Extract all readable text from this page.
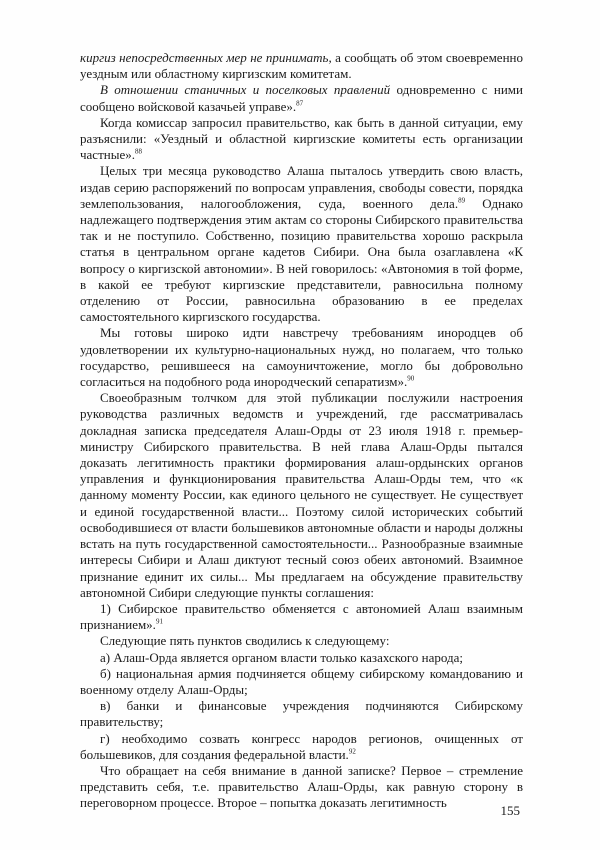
киргиз непосредственных мер не принимать, а сообщать об этом своевременно уездным или областному киргизским комитетам.

В отношении станичных и поселковых правлений одновременно с ними сообщено войсковой казачьей управе».$^{87}$

Когда комиссар запросил правительство, как быть в данной ситуации, ему разъяснили: «Уездный и областной киргизские комитеты есть организации частные».$^{88}$

Целых три месяца руководство Алаша пыталось утвердить свою власть, издав серию распоряжений по вопросам управления, свободы совести, порядка землепользования, налогообложения, суда, военного дела.$^{89}$ Однако надлежащего подтверждения этим актам со стороны Сибирского правительства так и не поступило. Собственно, позицию правительства хорошо раскрыла статья в центральном органе кадетов Сибири. Она была озаглавлена «К вопросу о киргизской автономии». В ней говорилось: «Автономия в той форме, в какой ее требуют киргизские представители, равносильна полному отделению от России, равносильна образованию в ее пределах самостоятельного киргизского государства.

Мы готовы широко идти навстречу требованиям инородцев об удовлетворении их культурно-национальных нужд, но полагаем, что только государство, решившееся на самоуничтожение, могло бы добровольно согласиться на подобного рода инородческий сепаратизм».$^{90}$

Своеобразным толчком для этой публикации послужили настроения руководства различных ведомств и учреждений, где рассматривалась докладная записка председателя Алаш-Орды от 23 июля 1918 г. премьер-министру Сибирского правительства. В ней глава Алаш-Орды пытался доказать легитимность практики формирования алаш-ордынских органов управления и функционирования правительства Алаш-Орды тем, что «к данному моменту России, как единого цельного не существует. Не существует и единой государственной власти... Поэтому силой исторических событий освободившиеся от власти большевиков автономные области и народы должны встать на путь государственной самостоятельности... Разнообразные взаимные интересы Сибири и Алаш диктуют тесный союз обеих автономий. Взаимное признание единит их силы... Мы предлагаем на обсуждение правительству автономной Сибири следующие пункты соглашения:

1) Сибирское правительство обменяется с автономией Алаш взаимным признанием».$^{91}$

Следующие пять пунктов сводились к следующему:

а) Алаш-Орда является органом власти только казахского народа;

б) национальная армия подчиняется общему сибирскому командованию и военному отделу Алаш-Орды;

в) банки и финансовые учреждения подчиняются Сибирскому правительству;

г) необходимо созвать конгресс народов регионов, очищенных от большевиков, для создания федеральной власти.$^{92}$

Что обращает на себя внимание в данной записке? Первое – стремление представить себя, т.е. правительство Алаш-Орды, как равную сторону в переговорном процессе. Второе – попытка доказать легитимность

155
